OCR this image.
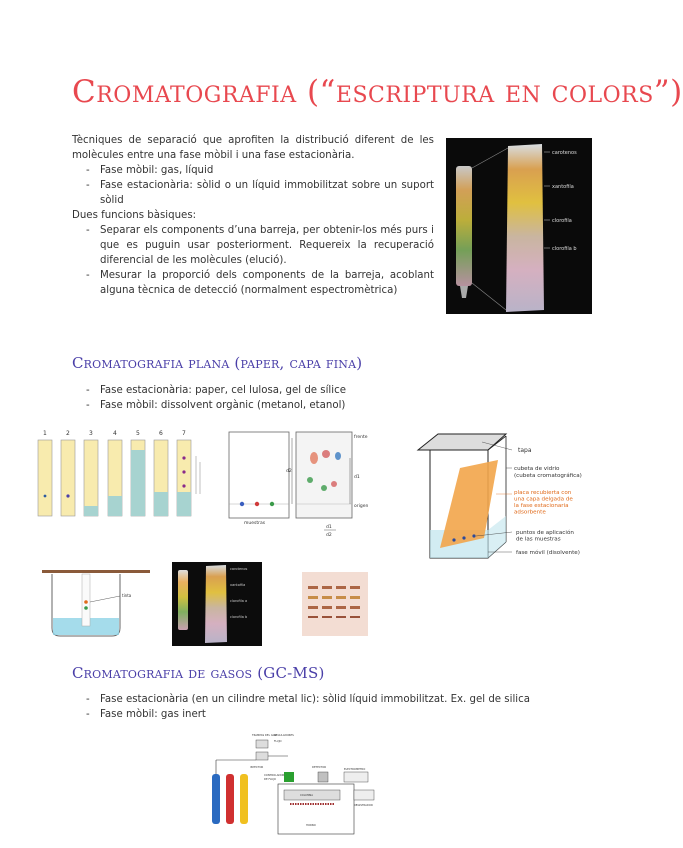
Cromatografia (“escriptura en colors”)
Tècniques de separació que aprofiten la distribució diferent de les molècules entre una fase mòbil i una fase estacionària.
- Fase mòbil: gas, líquid
- Fase estacionària: sòlid o un líquid immobilitzat sobre un suport sòlid
Dues funcions bàsiques:
- Separar els components d’una barreja, per obtenir-los més purs i que es puguin usar posteriorment. Requereix la recuperació diferencial de les molècules (elució).
- Mesurar la proporció dels components de la barreja, acoblant alguna tècnica de detecció (normalment espectromètrica)
carotenos
xantofila
clorofila
clorofila b
Cromatografia plana (paper, capa fina)
- Fase estacionària: paper, cel lulosa, gel de sílice
- Fase mòbil: dissolvent orgànic (metanol, etanol)
1	2	3	4	5	6	7
muestras
frente
origen
d2
d1
d1
d2
tapa
cubeta de vidrio (cubeta cromatográfica)
placa recubierta con una capa delgada de la fase estacionaria adsorbente
puntos de aplicación de las muestras
fase móvil (disolvente)
tinta
carotenos
xantofila
clorofila a
clorofila b
Cromatografia de gasos (GC-MS)
- Fase estacionària (en un cilindre metal lic): sòlid líquid immobilitzat. Ex. gel de silica
- Fase mòbil: gas inert
TRAMPAS DEL GAS
REGULADORES
FLUJO
INYECTOR	DETECTOR
CONTROLADOR
DE FLUJO
COLUMNA
HORNO
ELECTROMETRO
REGISTRADOR
